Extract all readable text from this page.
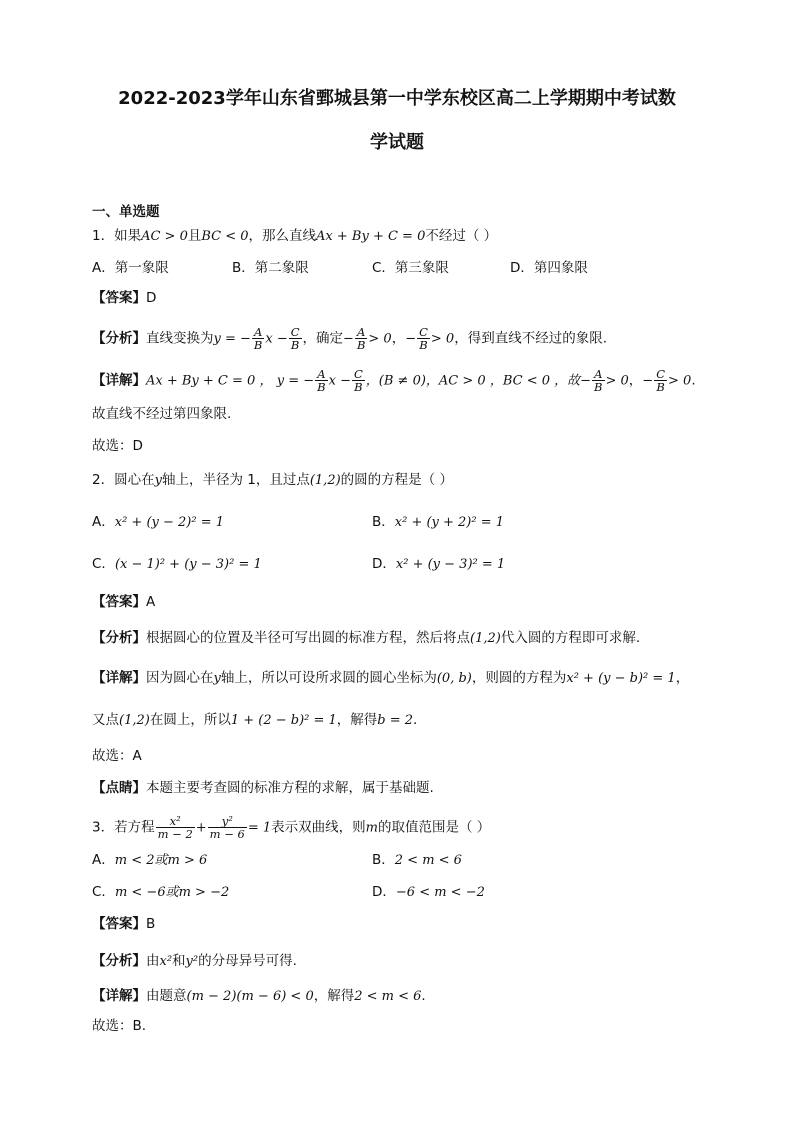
2022-2023学年山东省鄄城县第一中学东校区高二上学期期中考试数
学试题
一、单选题
1．如果AC > 0且BC < 0，那么直线Ax + By + C = 0不经过（ ）
A．第一象限	B．第二象限	C．第三象限	D．第四象限
【答案】D
【分析】直线变换为y = − $\frac{A}{B}$ $x - \frac{C}{B}$ ，确定− $\frac{A}{B} > 0$，− $\frac{C}{B} > 0$，得到直线不经过的象限.
【详解】Ax + By + C = 0 ， y = − $\frac{A}{B}$ $x - \frac{C}{B}$ ，(B ≠ 0)，AC > 0 ，BC < 0 ，故− $\frac{A}{B} > 0$，− $\frac{C}{B} > 0$.
故直线不经过第四象限.
故选：D
2．圆心在y轴上，半径为 1，且过点(1,2)的圆的方程是（ ）
A．x² + (y − 2)² = 1	B．x² + (y + 2)² = 1
C．(x − 1)² + (y − 3)² = 1	D．x² + (y − 3)² = 1
【答案】A
【分析】根据圆心的位置及半径可写出圆的标准方程，然后将点(1,2)代入圆的方程即可求解.
【详解】因为圆心在y轴上，所以可设所求圆的圆心坐标为(0, b)，则圆的方程为x² + (y − b)² = 1，
又点(1,2)在圆上，所以1 + (2 − b)² = 1，解得b = 2.
故选：A
【点睛】本题主要考查圆的标准方程的求解，属于基础题.
3．若方程 $\frac{\text{x²}}{m - 2} + \frac{\text{y²}}{m - 6} = 1$表示双曲线，则m的取值范围是（ ）
A．m < 2或m > 6	B．2 < m < 6
C．m < −6或m > −2	D．−6 < m < −2
【答案】B
【分析】由x²和y²的分母异号可得.
【详解】由题意(m − 2)(m − 6) < 0，解得2 < m < 6.
故选：B.
